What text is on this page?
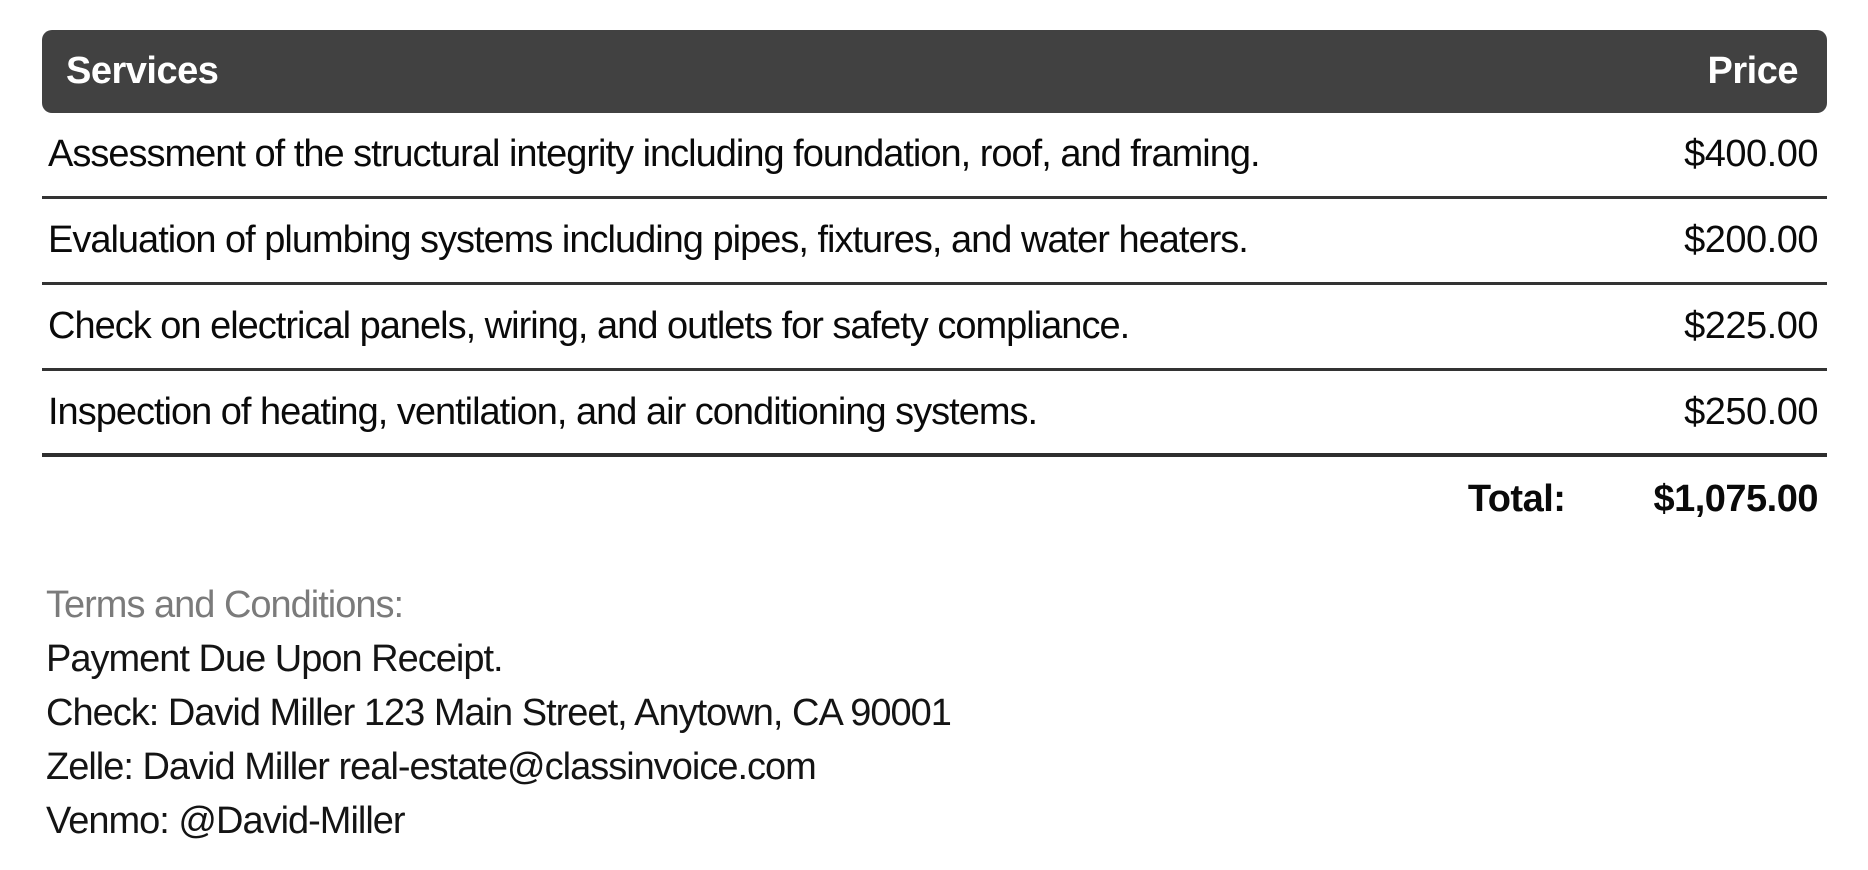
Services	Price
Assessment of the structural integrity including foundation, roof, and framing.	$400.00
Evaluation of plumbing systems including pipes, fixtures, and water heaters.	$200.00
Check on electrical panels, wiring, and outlets for safety compliance.	$225.00
Inspection of heating, ventilation, and air conditioning systems.	$250.00
Total: $1,075.00
Terms and Conditions:
Payment Due Upon Receipt.
Check: David Miller 123 Main Street, Anytown, CA 90001
Zelle: David Miller real-estate@classinvoice.com
Venmo: @David-Miller
